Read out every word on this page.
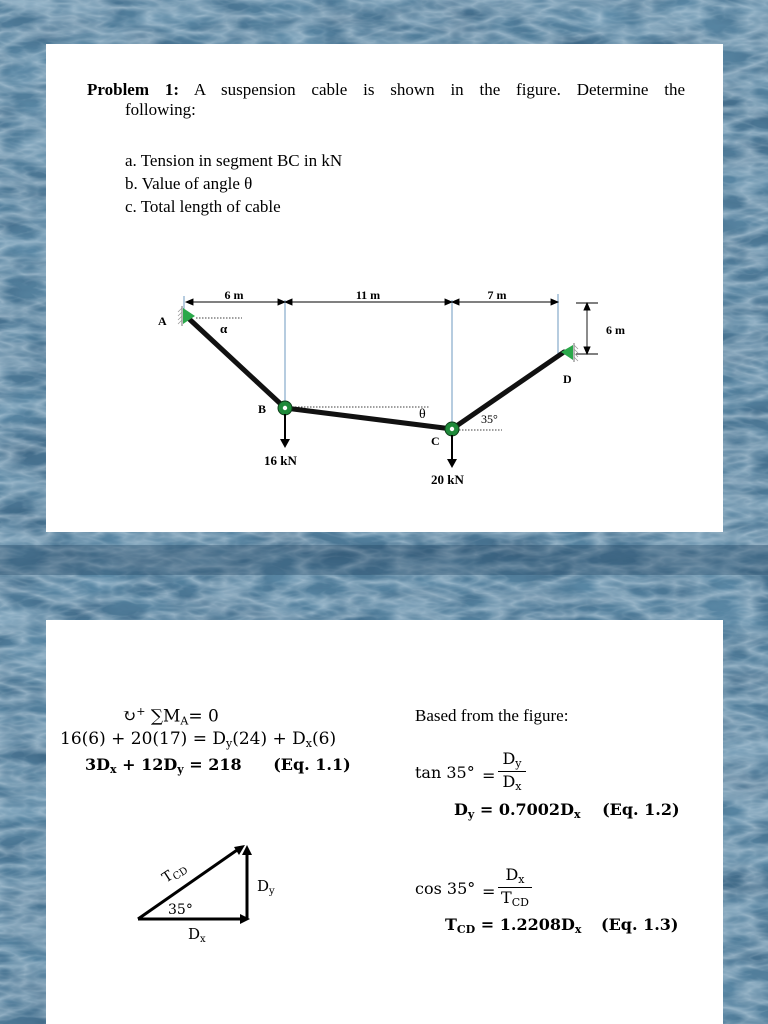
Problem 1: A suspension cable is shown in the figure. Determine the
following:
a. Tension in segment BC in kN
b. Value of angle θ
c. Total length of cable
6 m	11 m	7 m
6 m
A
B
C
D
α
θ	35°
16 kN
20 kN
↻+ $\sum M_A= 0$
$16(6) + 20(17) = D_y(24) + D_x(6)$
$3D_x + 12D_y = 218$ (Eq. 1.1)
$T_{CD}$
35°
$D_y$
$D_x$
Based from the figure:
tan 35° =
$D_y$
$D_x$
$D_y = 0.7002D_x$ (Eq. 1.2)
cos 35° =
$D_x$
$T_{CD}$
$T_{CD} = 1.2208D_x$ (Eq. 1.3)
